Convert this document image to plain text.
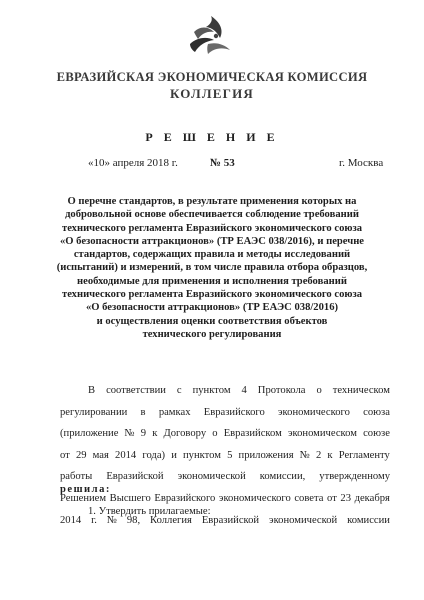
ЕВРАЗИЙСКАЯ ЭКОНОМИЧЕСКАЯ КОМИССИЯ
КОЛЛЕГИЯ
Р Е Ш Е Н И Е
«10» апреля 2018 г.	№ 53	г. Москва
О перечне стандартов, в результате применения которых на
добровольной основе обеспечивается соблюдение требований
технического регламента Евразийского экономического союза
«О безопасности аттракционов» (ТР ЕАЭС 038/2016), и перечне
стандартов, содержащих правила и методы исследований
(испытаний) и измерений, в том числе правила отбора образцов,
необходимые для применения и исполнения требований
технического регламента Евразийского экономического союза
«О безопасности аттракционов» (ТР ЕАЭС 038/2016)
и осуществления оценки соответствия объектов
технического регулирования
В соответствии с пунктом 4 Протокола о техническом
регулировании в рамках Евразийского экономического союза
(приложение № 9 к Договору о Евразийском экономическом союзе
от 29 мая 2014 года) и пунктом 5 приложения № 2 к Регламенту
работы Евразийской экономической комиссии, утвержденному
Решением Высшего Евразийского экономического совета от 23 декабря
2014 г. № 98, Коллегия Евразийской экономической комиссии
решила:
1. Утвердить прилагаемые:
